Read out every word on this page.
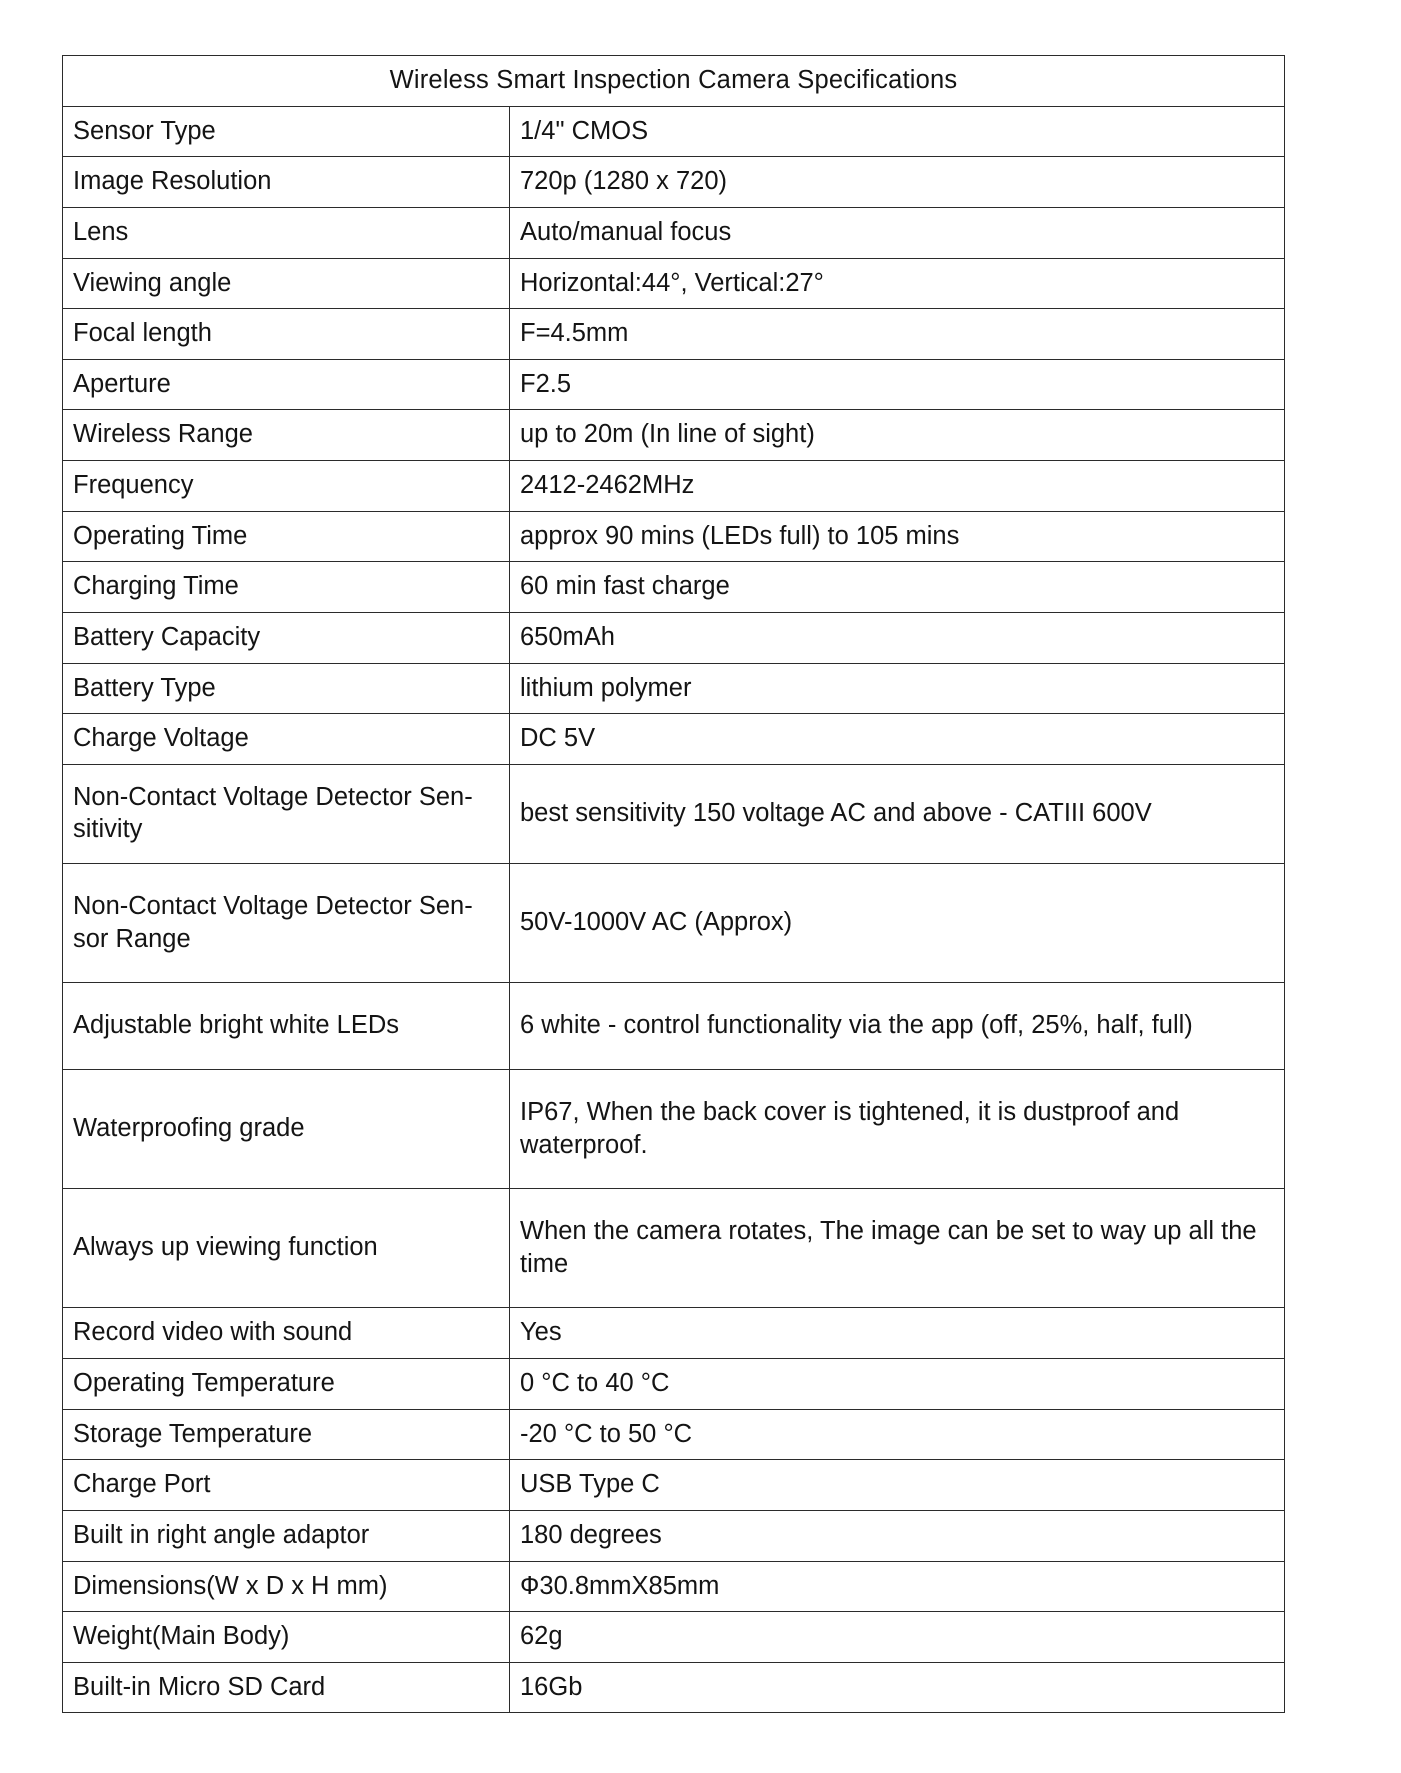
Wireless Smart Inspection Camera Specifications	
Sensor Type	1/4" CMOS
Image Resolution	720p (1280 x 720)
Lens	Auto/manual focus
Viewing angle	Horizontal:44°, Vertical:27°
Focal length	F=4.5mm
Aperture	F2.5
Wireless Range	up to 20m (In line of sight)
Frequency	2412-2462MHz
Operating Time	approx 90 mins (LEDs full) to 105 mins
Charging Time	60 min fast charge
Battery Capacity	650mAh
Battery Type	lithium polymer
Charge Voltage	DC 5V
Non-Contact Voltage Detector Sen-sitivity	best sensitivity 150 voltage AC and above - CATIII 600V
Non-Contact Voltage Detector Sen-sor Range	50V-1000V AC (Approx)
Adjustable bright white LEDs	6 white - control functionality via the app (off, 25%, half, full)
Waterproofing grade	IP67, When the back cover is tightened, it is dustproof and waterproof.
Always up viewing function	When the camera rotates, The image can be set to way up all the time
Record video with sound	Yes
Operating Temperature	0 °C to 40 °C
Storage Temperature	-20 °C to 50 °C
Charge Port	USB Type C
Built in right angle adaptor	180 degrees
Dimensions(W x D x H mm)	Ф30.8mmX85mm
Weight(Main Body)	62g
Built-in Micro SD Card	16Gb
